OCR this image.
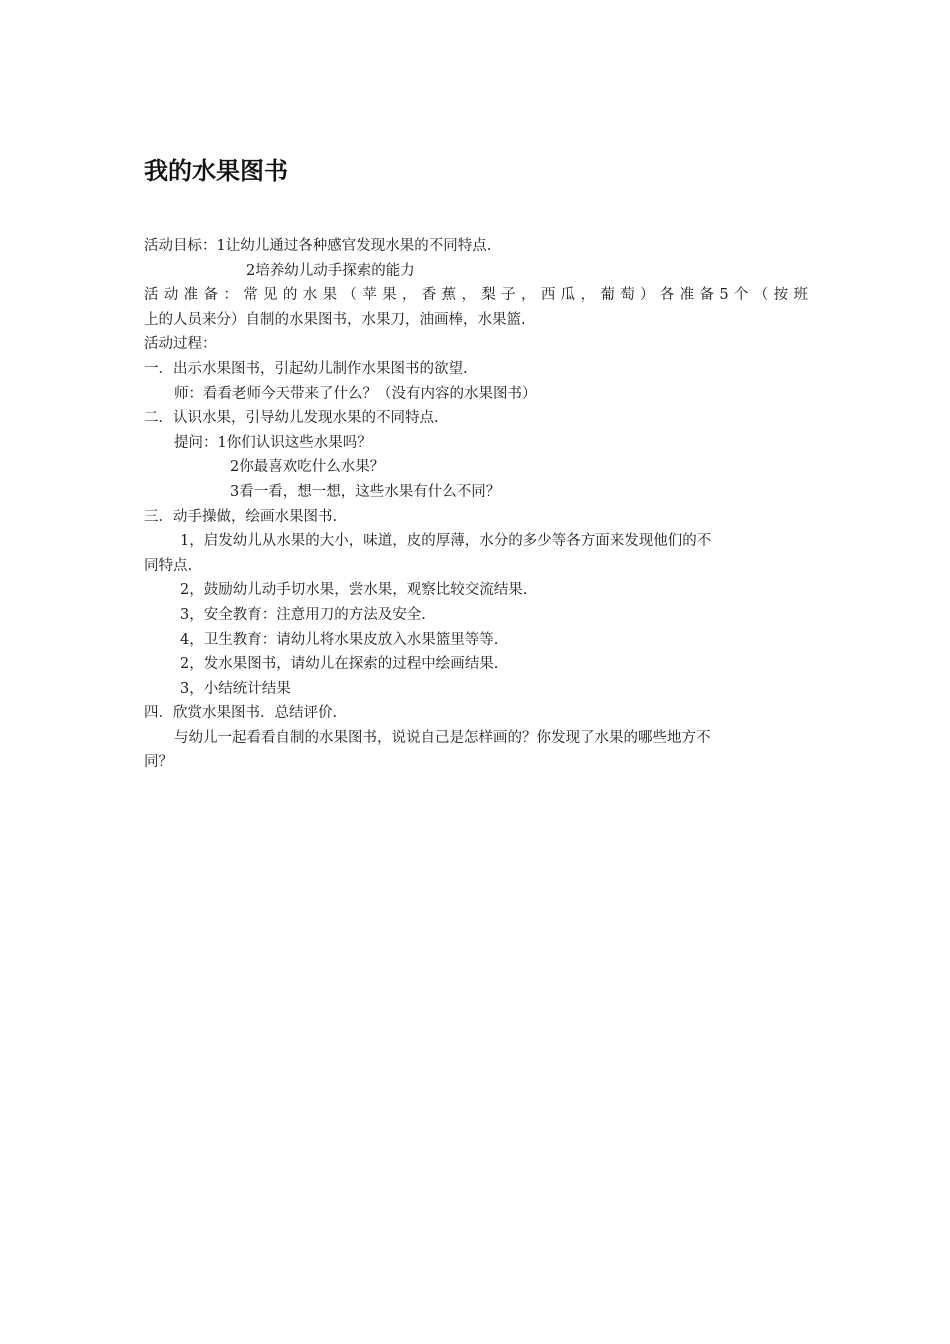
我的水果图书
活动目标：1让幼儿通过各种感官发现水果的不同特点.
2培养幼儿动手探索的能力
活动准备：常见的水果（苹果，香蕉，梨子，西瓜，葡萄）各准备5个（按班
上的人员来分）自制的水果图书，水果刀，油画棒，水果篮.
活动过程：
一．出示水果图书，引起幼儿制作水果图书的欲望.
师：看看老师今天带来了什么？（没有内容的水果图书）
二．认识水果，引导幼儿发现水果的不同特点.
提问：1你们认识这些水果吗？
2你最喜欢吃什么水果？
3看一看，想一想，这些水果有什么不同？
三．动手操做，绘画水果图书.
1，启发幼儿从水果的大小，味道，皮的厚薄，水分的多少等各方面来发现他们的不
同特点.
2，鼓励幼儿动手切水果，尝水果，观察比较交流结果.
3，安全教育：注意用刀的方法及安全.
4，卫生教育：请幼儿将水果皮放入水果篮里等等.
2，发水果图书，请幼儿在探索的过程中绘画结果.
3，小结统计结果
四．欣赏水果图书．总结评价.
与幼儿一起看看自制的水果图书，说说自己是怎样画的？你发现了水果的哪些地方不
同？
